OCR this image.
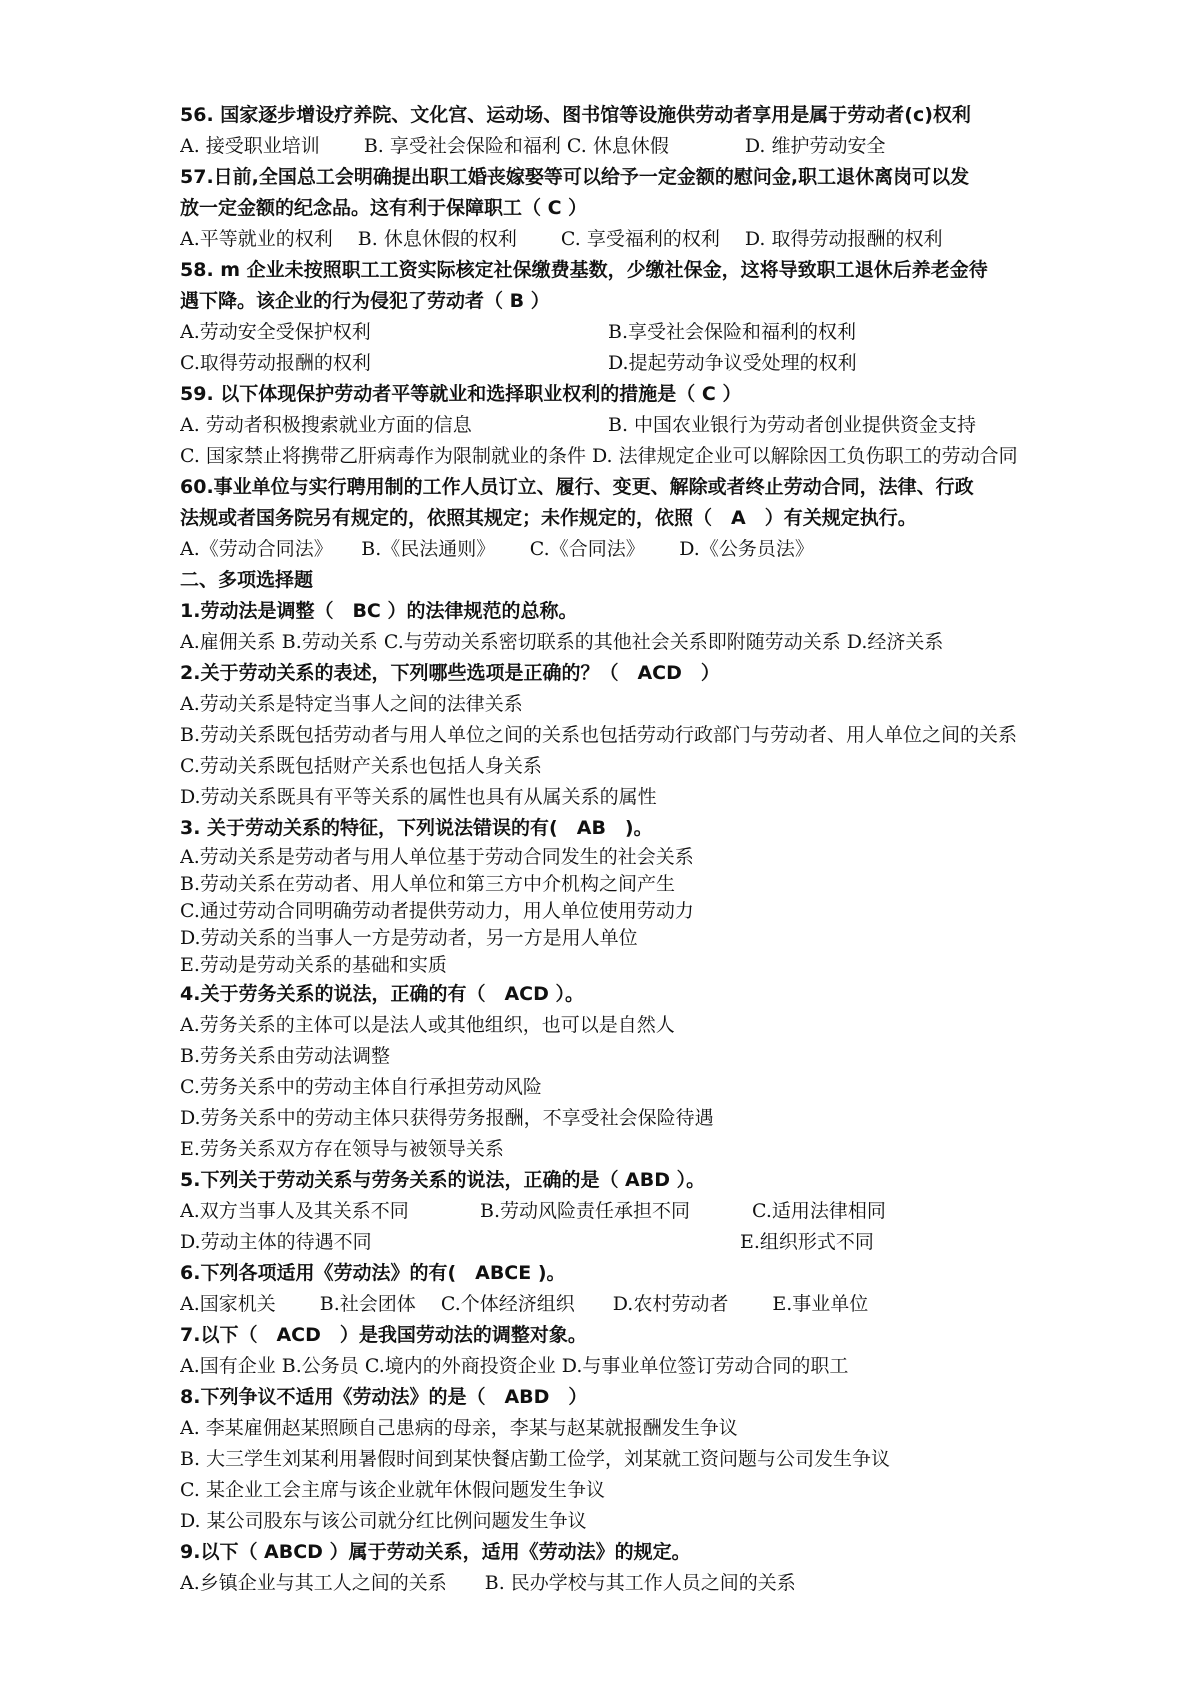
56. 国家逐步增设疗养院、文化宫、运动场、图书馆等设施供劳动者享用是属于劳动者(c)权利
A. 接受职业培训　　 B. 享受社会保险和福利 C. 休息休假　　　　D. 维护劳动安全
57.日前,全国总工会明确提出职工婚丧嫁娶等可以给予一定金额的慰问金,职工退休离岗可以发
放一定金额的纪念品。这有利于保障职工（ C ）
A.平等就业的权利　 B. 休息休假的权利　　 C. 享受福利的权利　 D. 取得劳动报酬的权利
58. m 企业未按照职工工资实际核定社保缴费基数，少缴社保金，这将导致职工退休后养老金待
遇下降。该企业的行为侵犯了劳动者（ B ）
A.劳动安全受保护权利	B.享受社会保险和福利的权利
C.取得劳动报酬的权利	D.提起劳动争议受处理的权利
59. 以下体现保护劳动者平等就业和选择职业权利的措施是（ C ）
A. 劳动者积极搜索就业方面的信息	B. 中国农业银行为劳动者创业提供资金支持
C. 国家禁止将携带乙肝病毒作为限制就业的条件 D. 法律规定企业可以解除因工负伤职工的劳动合同
60.事业单位与实行聘用制的工作人员订立、履行、变更、解除或者终止劳动合同，法律、行政
法规或者国务院另有规定的，依照其规定；未作规定的，依照（　A　）有关规定执行。
A.《劳动合同法》　　B.《民法通则》　　 C.《合同法》　　 D.《公务员法》
二、多项选择题
1.劳动法是调整（　BC ）的法律规范的总称。
A.雇佣关系 B.劳动关系 C.与劳动关系密切联系的其他社会关系即附随劳动关系 D.经济关系
2.关于劳动关系的表述，下列哪些选项是正确的？（　ACD　）
A.劳动关系是特定当事人之间的法律关系
B.劳动关系既包括劳动者与用人单位之间的关系也包括劳动行政部门与劳动者、用人单位之间的关系
C.劳动关系既包括财产关系也包括人身关系
D.劳动关系既具有平等关系的属性也具有从属关系的属性
3. 关于劳动关系的特征，下列说法错误的有(　AB　)。
A.劳动关系是劳动者与用人单位基于劳动合同发生的社会关系
B.劳动关系在劳动者、用人单位和第三方中介机构之间产生
C.通过劳动合同明确劳动者提供劳动力，用人单位使用劳动力
D.劳动关系的当事人一方是劳动者，另一方是用人单位
E.劳动是劳动关系的基础和实质
4.关于劳务关系的说法，正确的有（　ACD ）。
A.劳务关系的主体可以是法人或其他组织，也可以是自然人
B.劳务关系由劳动法调整
C.劳务关系中的劳动主体自行承担劳动风险
D.劳务关系中的劳动主体只获得劳务报酬，不享受社会保险待遇
E.劳务关系双方存在领导与被领导关系
5.下列关于劳动关系与劳务关系的说法，正确的是（ ABD ）。
A.双方当事人及其关系不同	B.劳动风险责任承担不同	C.适用法律相同
D.劳动主体的待遇不同	E.组织形式不同
6.下列各项适用《劳动法》的有(　ABCE )。
A.国家机关　　 B.社会团体　 C.个体经济组织　　D.农村劳动者　　 E.事业单位
7.以下（　ACD　）是我国劳动法的调整对象。
A.国有企业 B.公务员 C.境内的外商投资企业 D.与事业单位签订劳动合同的职工
8.下列争议不适用《劳动法》的是（　ABD　）
A. 李某雇佣赵某照顾自己患病的母亲，李某与赵某就报酬发生争议
B. 大三学生刘某利用暑假时间到某快餐店勤工俭学，刘某就工资问题与公司发生争议
C. 某企业工会主席与该企业就年休假问题发生争议
D. 某公司股东与该公司就分红比例问题发生争议
9.以下（ ABCD ）属于劳动关系，适用《劳动法》的规定。
A.乡镇企业与其工人之间的关系　　B. 民办学校与其工作人员之间的关系
